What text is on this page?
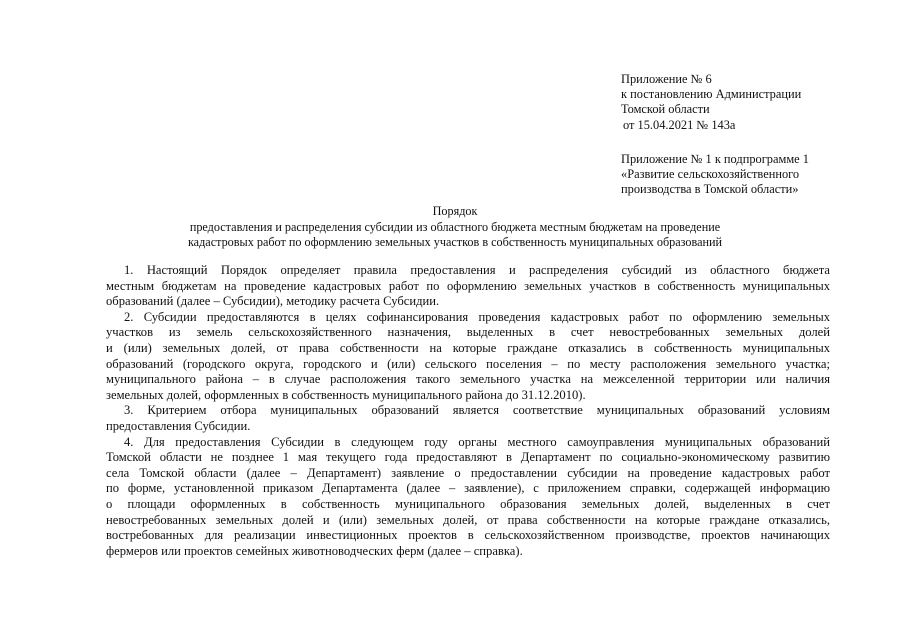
Приложение № 6
к постановлению Администрации
Томской области
от 15.04.2021 № 143а
Приложение № 1 к подпрограмме 1
«Развитие сельскохозяйственного
производства в Томской области»
Порядок
предоставления и распределения субсидии из областного бюджета местным бюджетам на проведение
кадастровых работ по оформлению земельных участков в собственность муниципальных образований
1. Настоящий Порядок определяет правила предоставления и распределения субсидий из областного бюджета
местным бюджетам на проведение кадастровых работ по оформлению земельных участков в собственность муниципальных
образований (далее – Субсидии), методику расчета Субсидии.
2. Субсидии предоставляются в целях софинансирования проведения кадастровых работ по оформлению земельных
участков из земель сельскохозяйственного назначения, выделенных в счет невостребованных земельных долей
и (или) земельных долей, от права собственности на которые граждане отказались в собственность муниципальных
образований (городского округа, городского и (или) сельского поселения – по месту расположения земельного участка;
муниципального района – в случае расположения такого земельного участка на межселенной территории или наличия
земельных долей, оформленных в собственность муниципального района до 31.12.2010).
3. Критерием отбора муниципальных образований является соответствие муниципальных образований условиям
предоставления Субсидии.
4. Для предоставления Субсидии в следующем году органы местного самоуправления муниципальных образований
Томской области не позднее 1 мая текущего года предоставляют в Департамент по социально-экономическому развитию
села Томской области (далее – Департамент) заявление о предоставлении субсидии на проведение кадастровых работ
по форме, установленной приказом Департамента (далее – заявление), с приложением справки, содержащей информацию
о площади оформленных в собственность муниципального образования земельных долей, выделенных в счет
невостребованных земельных долей и (или) земельных долей, от права собственности на которые граждане отказались,
востребованных для реализации инвестиционных проектов в сельскохозяйственном производстве, проектов начинающих
фермеров или проектов семейных животноводческих ферм (далее – справка).
